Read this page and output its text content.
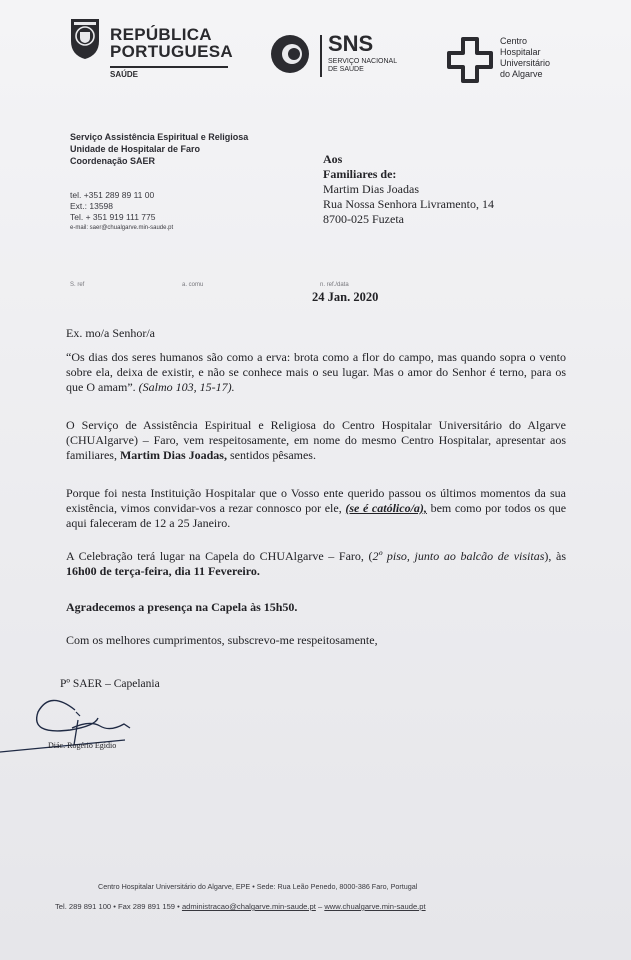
REPÚBLICA
PORTUGUESA
SAÚDE
SNS
SERVIÇO NACIONAL
DE SAÚDE
Centro
Hospitalar
Universitário
do Algarve
Serviço Assistência Espiritual e Religiosa
Unidade de Hospitalar de Faro
Coordenação SAER
tel. +351 289 89 11 00
Ext.: 13598
Tel. + 351 919 111 775
e-mail: saer@chualgarve.min-saude.pt
S. ref	a. comu	n. ref./data
Aos
Familiares de:
Martim Dias Joadas
Rua Nossa Senhora Livramento, 14
8700-025 Fuzeta
24 Jan. 2020
Ex. mo/a Senhor/a
“Os dias dos seres humanos são como a erva: brota como a flor do campo, mas quando sopra o vento sobre ela, deixa de existir, e não se conhece mais o seu lugar. Mas o amor do Senhor é terno, para os que O amam”. (Salmo 103, 15-17).
O Serviço de Assistência Espiritual e Religiosa do Centro Hospitalar Universitário do Algarve (CHUAlgarve) – Faro, vem respeitosamente, em nome do mesmo Centro Hospitalar, apresentar aos familiares, Martim Dias Joadas, sentidos pêsames.
Porque foi nesta Instituição Hospitalar que o Vosso ente querido passou os últimos momentos da sua existência, vimos convidar-vos a rezar connosco por ele, (se é católico/a), bem como por todos os que aqui faleceram de 12 a 25 Janeiro.
A Celebração terá lugar na Capela do CHUAlgarve – Faro, (2º piso, junto ao balcão de visitas), às 16h00 de terça-feira, dia 11 Fevereiro.
Agradecemos a presença na Capela às 15h50.
Com os melhores cumprimentos, subscrevo-me respeitosamente,
Pº SAER – Capelania
Diác. Rogério Egídio
Centro Hospitalar Universitário do Algarve, EPE • Sede: Rua Leão Penedo, 8000-386 Faro, Portugal
Tel. 289 891 100 • Fax 289 891 159 • administracao@chalgarve.min-saude.pt – www.chualgarve.min-saude.pt
